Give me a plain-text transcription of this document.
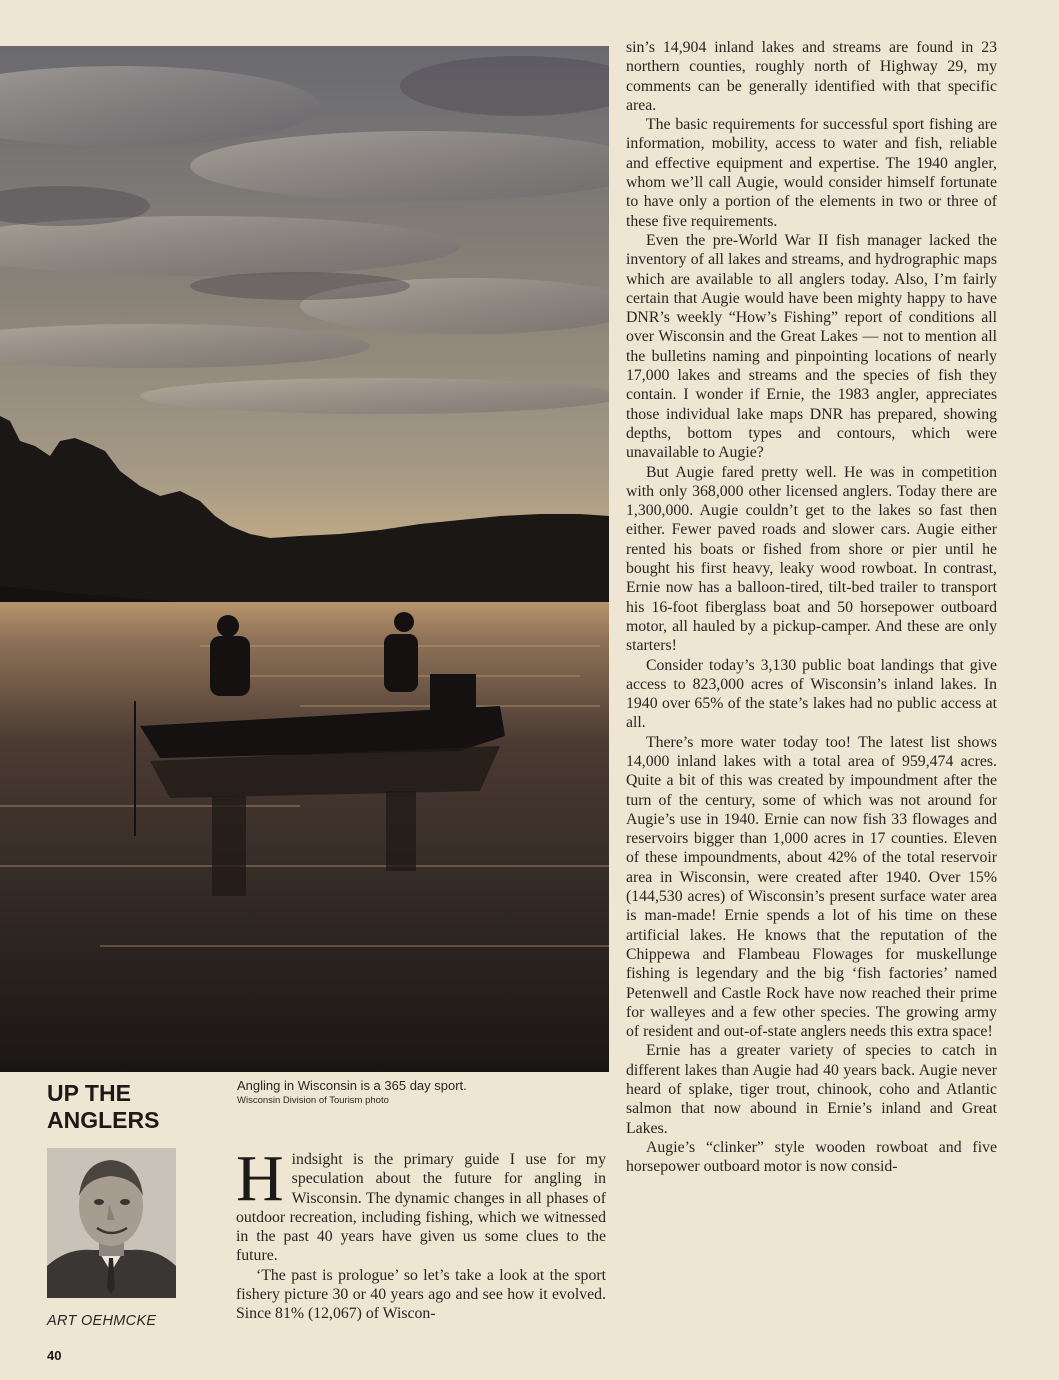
UP THE
ANGLERS
Angling in Wisconsin is a 365 day sport.
Wisconsin Division of Tourism photo
ART OEHMCKE
40

Hindsight is the primary guide I use for my speculation about the future for angling in Wisconsin. The dynamic changes in all phases of outdoor recreation, including fishing, which we witnessed in the past 40 years have given us some clues to the future.

‘The past is prologue’ so let’s take a look at the sport fishery picture 30 or 40 years ago and see how it evolved. Since 81% (12,067) of Wiscon-

sin’s 14,904 inland lakes and streams are found in 23 northern counties, roughly north of Highway 29, my comments can be generally identified with that specific area.

The basic requirements for successful sport fishing are information, mobility, access to water and fish, reliable and effective equipment and expertise. The 1940 angler, whom we’ll call Augie, would consider himself fortunate to have only a portion of the elements in two or three of these five requirements.

Even the pre-World War II fish manager lacked the inventory of all lakes and streams, and hydrographic maps which are available to all anglers today. Also, I’m fairly certain that Augie would have been mighty happy to have DNR’s weekly “How’s Fishing” report of conditions all over Wisconsin and the Great Lakes — not to mention all the bulletins naming and pinpointing locations of nearly 17,000 lakes and streams and the species of fish they contain. I wonder if Ernie, the 1983 angler, appreciates those individual lake maps DNR has prepared, showing depths, bottom types and contours, which were unavailable to Augie?

But Augie fared pretty well. He was in competition with only 368,000 other licensed anglers. Today there are 1,300,000. Augie couldn’t get to the lakes so fast then either. Fewer paved roads and slower cars. Augie either rented his boats or fished from shore or pier until he bought his first heavy, leaky wood rowboat. In contrast, Ernie now has a balloon-tired, tilt-bed trailer to transport his 16-foot fiberglass boat and 50 horsepower outboard motor, all hauled by a pickup-camper. And these are only starters!

Consider today’s 3,130 public boat landings that give access to 823,000 acres of Wisconsin’s inland lakes. In 1940 over 65% of the state’s lakes had no public access at all.

There’s more water today too! The latest list shows 14,000 inland lakes with a total area of 959,474 acres. Quite a bit of this was created by impoundment after the turn of the century, some of which was not around for Augie’s use in 1940. Ernie can now fish 33 flowages and reservoirs bigger than 1,000 acres in 17 counties. Eleven of these impoundments, about 42% of the total reservoir area in Wisconsin, were created after 1940. Over 15% (144,530 acres) of Wisconsin’s present surface water area is man-made! Ernie spends a lot of his time on these artificial lakes. He knows that the reputation of the Chippewa and Flambeau Flowages for muskellunge fishing is legendary and the big ‘fish factories’ named Petenwell and Castle Rock have now reached their prime for walleyes and a few other species. The growing army of resident and out-of-state anglers needs this extra space!

Ernie has a greater variety of species to catch in different lakes than Augie had 40 years back. Augie never heard of splake, tiger trout, chinook, coho and Atlantic salmon that now abound in Ernie’s inland and Great Lakes.

Augie’s “clinker” style wooden rowboat and five horsepower outboard motor is now consid-
